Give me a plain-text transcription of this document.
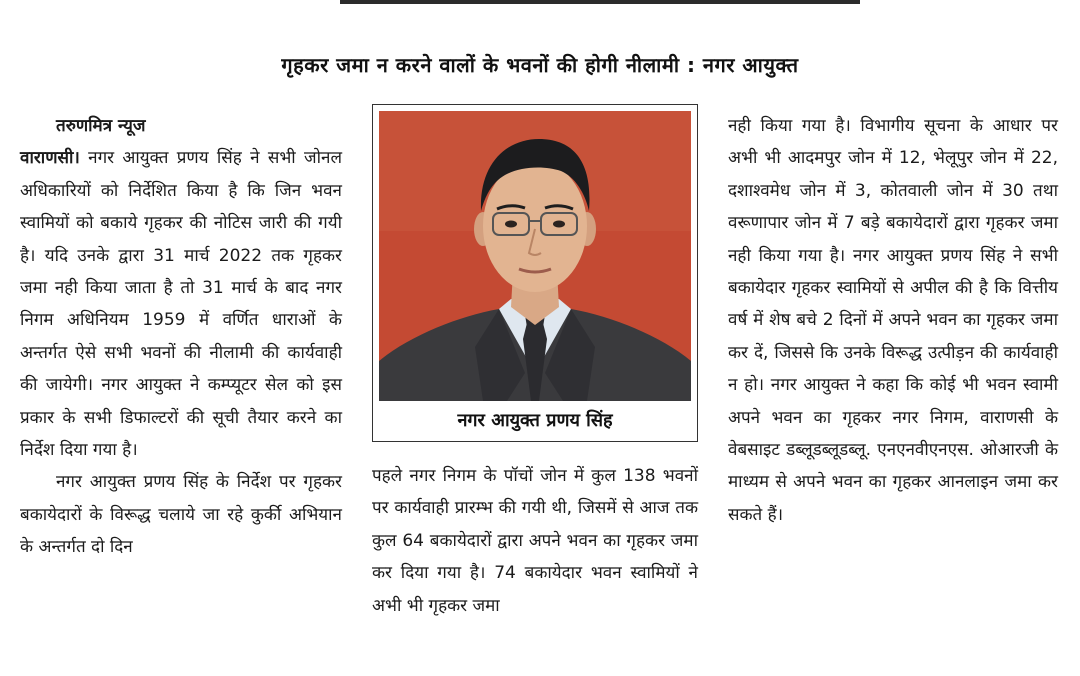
गृहकर जमा न करने वालों के भवनों की होगी नीलामी : नगर आयुक्त

तरुणमित्र न्यूज

वाराणसी। नगर आयुक्त प्रणय सिंह ने सभी जोनल अधिकारियों को निर्देशित किया है कि जिन भवन स्वामियों को बकाये गृहकर की नोटिस जारी की गयी है। यदि उनके द्वारा 31 मार्च 2022 तक गृहकर जमा नही किया जाता है तो 31 मार्च के बाद नगर निगम अधिनियम 1959 में वर्णित धाराओं के अन्तर्गत ऐसे सभी भवनों की नीलामी की कार्यवाही की जायेगी। नगर आयुक्त ने कम्प्यूटर सेल को इस प्रकार के सभी डिफाल्टरों की सूची तैयार करने का निर्देश दिया गया है।

नगर आयुक्त प्रणय सिंह के निर्देश पर गृहकर बकायेदारों के विरूद्ध चलाये जा रहे कुर्की अभियान के अन्तर्गत दो दिन

नगर आयुक्त प्रणय सिंह

पहले नगर निगम के पॉचों जोन में कुल 138 भवनों पर कार्यवाही प्रारम्भ की गयी थी, जिसमें से आज तक कुल 64 बकायेदारों द्वारा अपने भवन का गृहकर जमा कर दिया गया है। 74 बकायेदार भवन स्वामियों ने अभी भी गृहकर जमा

नही किया गया है। विभागीय सूचना के आधार पर अभी भी आदमपुर जोन में 12, भेलूपुर जोन में 22, दशाश्वमेध जोन में 3, कोतवाली जोन में 30 तथा वरूणापार जोन में 7 बड़े बकायेदारों द्वारा गृहकर जमा नही किया गया है। नगर आयुक्त प्रणय सिंह ने सभी बकायेदार गृहकर स्वामियों से अपील की है कि वित्तीय वर्ष में शेष बचे 2 दिनों में अपने भवन का गृहकर जमा कर दें, जिससे कि उनके विरूद्ध उत्पीड़न की कार्यवाही न हो। नगर आयुक्त ने कहा कि कोई भी भवन स्वामी अपने भवन का गृहकर नगर निगम, वाराणसी के वेबसाइट डब्लूडब्लूडब्लू. एनएनवीएनएस. ओआरजी के माध्यम से अपने भवन का गृहकर आनलाइन जमा कर सकते हैं।
